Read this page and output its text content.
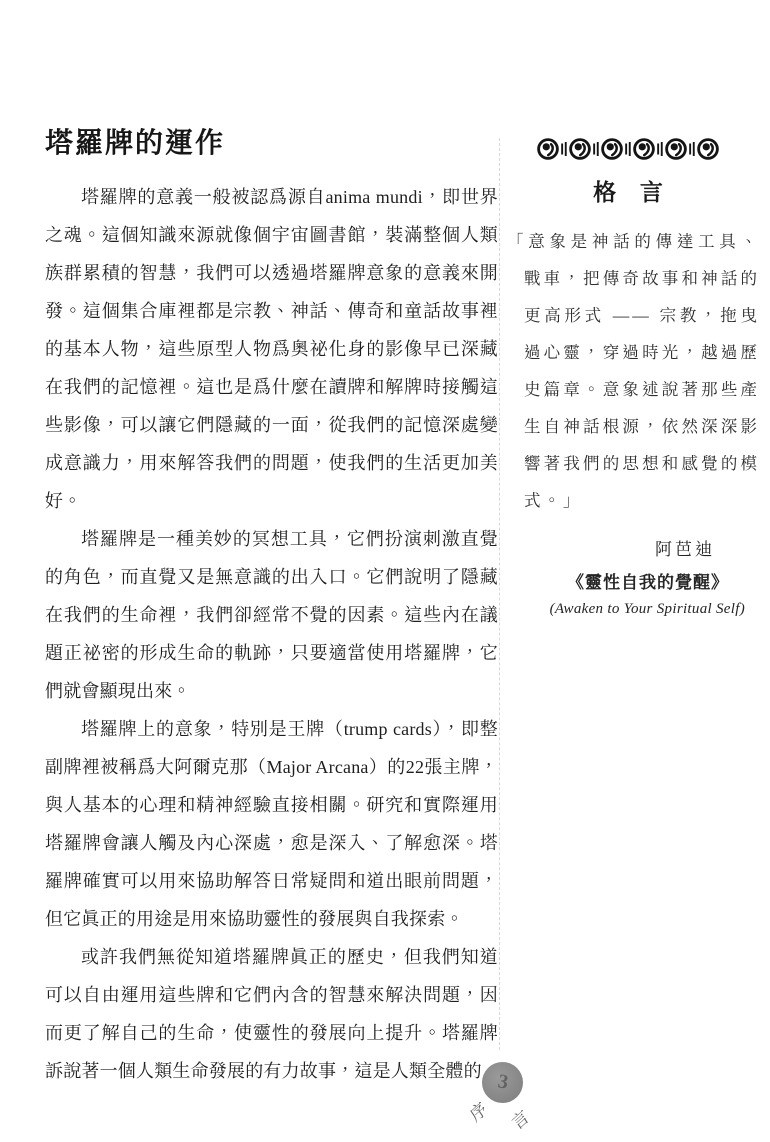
塔羅牌的運作

塔羅牌的意義一般被認爲源自anima mundi，即世界之魂。這個知識來源就像個宇宙圖書館，裝滿整個人類族群累積的智慧，我們可以透過塔羅牌意象的意義來開發。這個集合庫裡都是宗教、神話、傳奇和童話故事裡的基本人物，這些原型人物爲奧祕化身的影像早已深藏在我們的記憶裡。這也是爲什麼在讀牌和解牌時接觸這些影像，可以讓它們隱藏的一面，從我們的記憶深處變成意識力，用來解答我們的問題，使我們的生活更加美好。

塔羅牌是一種美妙的冥想工具，它們扮演刺激直覺的角色，而直覺又是無意識的出入口。它們說明了隱藏在我們的生命裡，我們卻經常不覺的因素。這些內在議題正祕密的形成生命的軌跡，只要適當使用塔羅牌，它們就會顯現出來。

塔羅牌上的意象，特別是王牌（trump cards），即整副牌裡被稱爲大阿爾克那（Major Arcana）的22張主牌，與人基本的心理和精神經驗直接相關。研究和實際運用塔羅牌會讓人觸及內心深處，愈是深入、了解愈深。塔羅牌確實可以用來協助解答日常疑問和道出眼前問題，但它眞正的用途是用來協助靈性的發展與自我探索。

或許我們無從知道塔羅牌眞正的歷史，但我們知道可以自由運用這些牌和它們內含的智慧來解決問題，因而更了解自己的生命，使靈性的發展向上提升。塔羅牌訴說著一個人類生命發展的有力故事，這是人類全體的

格 言

「意象是神話的傳達工具、戰車，把傳奇故事和神話的更高形式 —— 宗教，拖曳過心靈，穿過時光，越過歷史篇章。意象述說著那些產生自神話根源，依然深深影響著我們的思想和感覺的模式。」

阿芭迪
《靈性自我的覺醒》
(Awaken to Your Spiritual Self)
3
序 言
